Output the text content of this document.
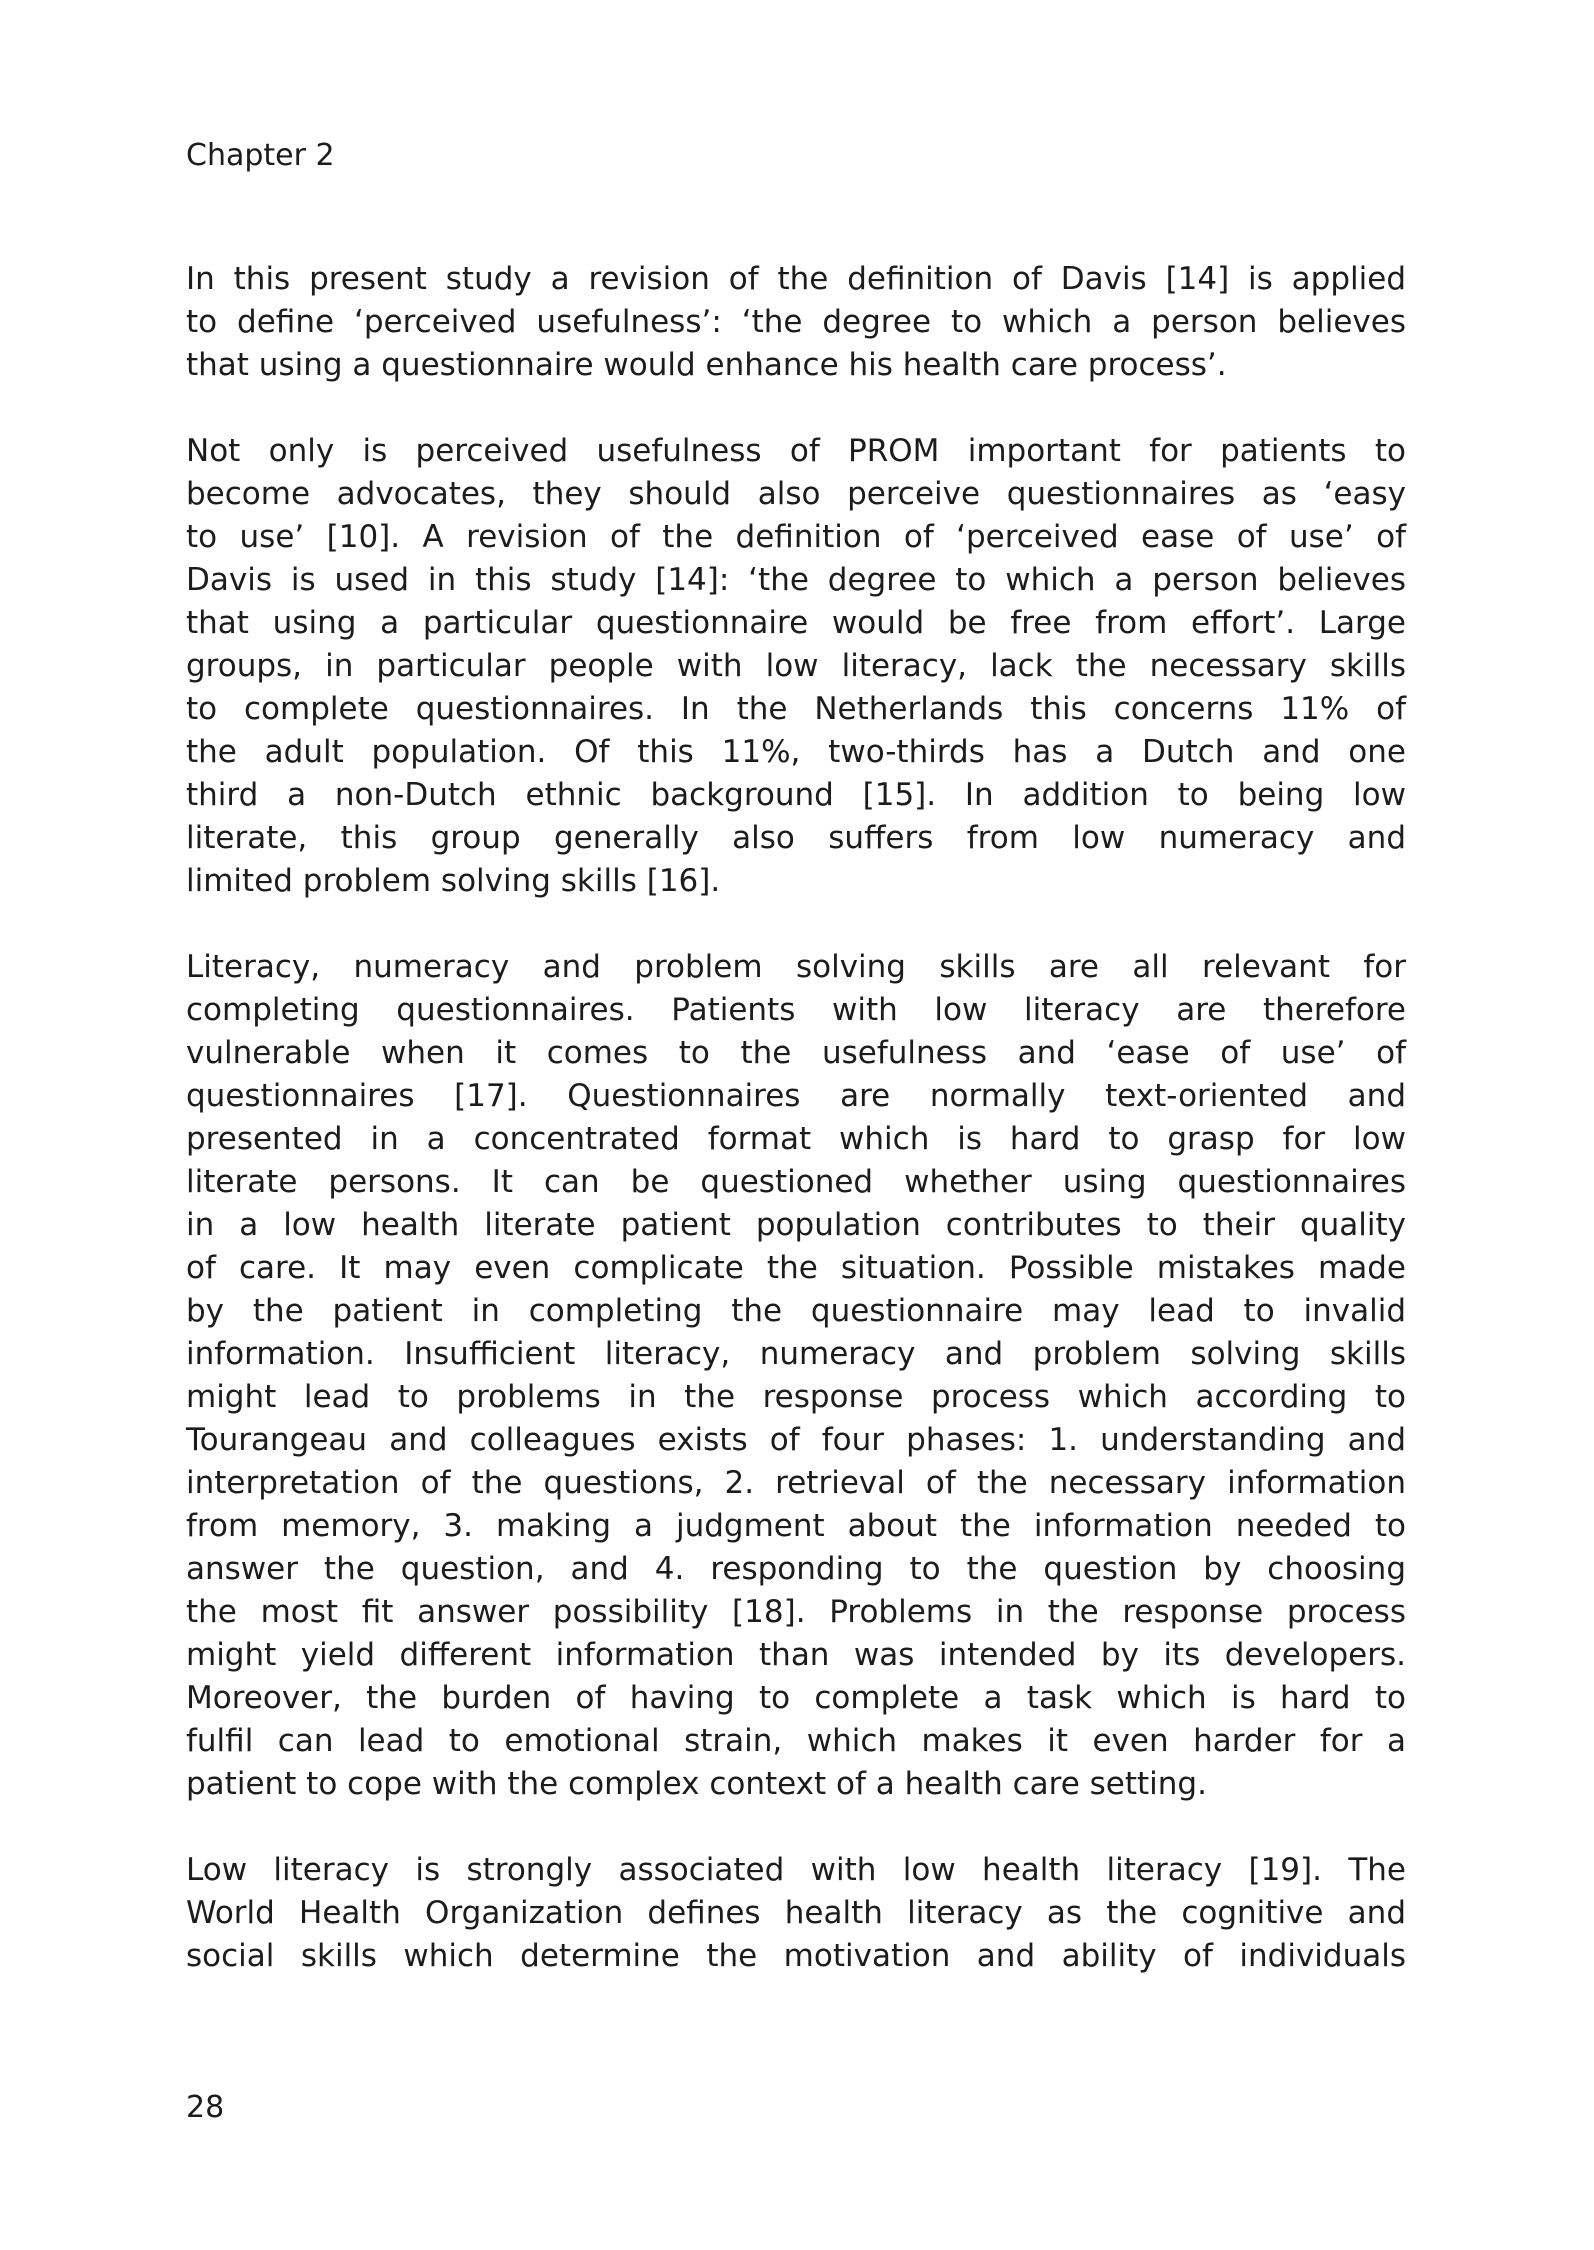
Chapter 2
In this present study a revision of the definition of Davis [14] is applied
to define ‘perceived usefulness’: ‘the degree to which a person believes
that using a questionnaire would enhance his health care process’.
Not only is perceived usefulness of PROM important for patients to
become advocates, they should also perceive questionnaires as ‘easy
to use’ [10]. A revision of the definition of ‘perceived ease of use’ of
Davis is used in this study [14]: ‘the degree to which a person believes
that using a particular questionnaire would be free from effort’. Large
groups, in particular people with low literacy, lack the necessary skills
to complete questionnaires. In the Netherlands this concerns 11% of
the adult population. Of this 11%, two-thirds has a Dutch and one
third a non-Dutch ethnic background [15]. In addition to being low
literate, this group generally also suffers from low numeracy and
limited problem solving skills [16].
Literacy, numeracy and problem solving skills are all relevant for
completing questionnaires. Patients with low literacy are therefore
vulnerable when it comes to the usefulness and ‘ease of use’ of
questionnaires [17]. Questionnaires are normally text-oriented and
presented in a concentrated format which is hard to grasp for low
literate persons. It can be questioned whether using questionnaires
in a low health literate patient population contributes to their quality
of care. It may even complicate the situation. Possible mistakes made
by the patient in completing the questionnaire may lead to invalid
information. Insufficient literacy, numeracy and problem solving skills
might lead to problems in the response process which according to
Tourangeau and colleagues exists of four phases: 1. understanding and
interpretation of the questions, 2. retrieval of the necessary information
from memory, 3. making a judgment about the information needed to
answer the question, and 4. responding to the question by choosing
the most fit answer possibility [18]. Problems in the response process
might yield different information than was intended by its developers.
Moreover, the burden of having to complete a task which is hard to
fulfil can lead to emotional strain, which makes it even harder for a
patient to cope with the complex context of a health care setting.
Low literacy is strongly associated with low health literacy [19]. The
World Health Organization defines health literacy as the cognitive and
social skills which determine the motivation and ability of individuals
28
